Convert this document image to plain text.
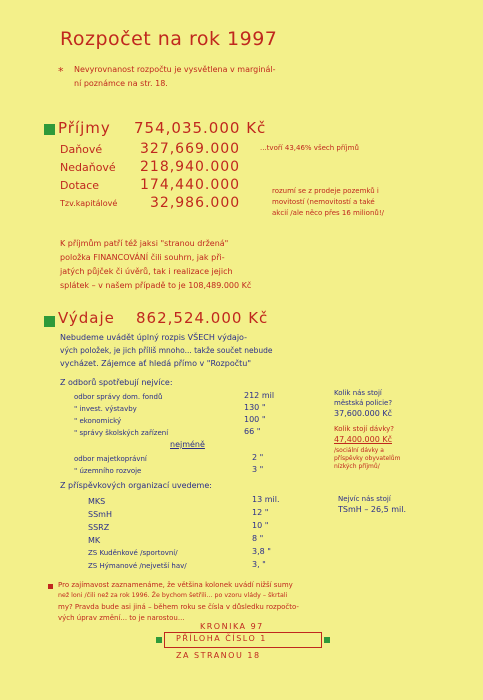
Rozpočet na rok 1997
* Nevyrovnanost rozpočtu je vysvětlena v marginál-
ní poznámce na str. 18.
Příjmy 754,035.000 Kč
Daňové	327,669.000	...tvoří 43,46% všech příjmů
Nedaňové 218,940.000
Dotace	174,440.000
Tzv.kapitálové 32,986.000
rozumí se z prodeje pozemků i
movitostí (nemovitostí a také
akcií /ale něco přes 16 milionů!/
K příjmům patří též jaksi "stranou držená"
položka FINANCOVÁNÍ čili souhrn, jak při-
jatých půjček či úvěrů, tak i realizace jejich
splátek – v našem případě to je 108,489.000 Kč
Výdaje 862,524.000 Kč
Nebudeme uvádět úplný rozpis VŠECH výdajo-
vých položek, je jich příliš mnoho... takže součet nebude
vycházet. Zájemce ať hledá přímo v "Rozpočtu"
Z odborů spotřebují nejvíce:
odbor správy dom. fondů	212 mil
" invest. výstavby	130 "
" ekonomický	100 "
" správy školských zařízení	66 "
nejméně
odbor majetkoprávní	2 "
" územního rozvoje	3 "
Kolik nás stojí
městská policie?
37,600.000 Kč
Kolik stojí dávky?
47,400.000 Kč
/sociální dávky a
příspěvky obyvatelům
nízkých příjmů/
Z příspěvkových organizací uvedeme:
MKS	13 mil.
SSmH	12 "
SSRZ	10 "
MK	8 "
ZS Kuděnkové /sportovní/	3,8 "
ZS Hýmanové /nejvetší hav/	3, "
Nejvíc nás stojí
TSmH – 26,5 mil.
Pro zajímavost zaznamenáme, že většina kolonek uvádí nižší sumy
než loni /čili než za rok 1996. Že bychom šetřili... po vzoru vlády – škrtali
my? Pravda bude asi jiná – během roku se čísla v důsledku rozpočto-
vých úprav změní... to je narostou...
KRONIKA 97
PŘÍLOHA ČÍSLO 1
ZA STRANOU 18
